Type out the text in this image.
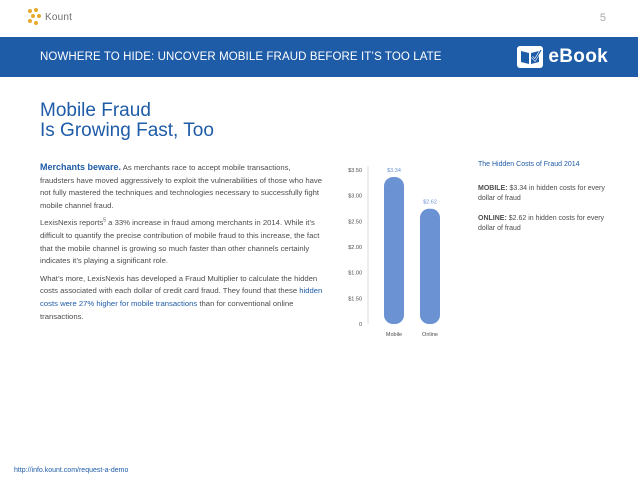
Kount	5
NOWHERE TO HIDE: UNCOVER MOBILE FRAUD BEFORE IT’S TOO LATE	eBook
Mobile Fraud
Is Growing Fast, Too

Merchants beware. As merchants race to accept mobile transactions, fraudsters have moved aggressively to exploit the vulnerabilities of those who have not fully mastered the techniques and technologies necessary to successfully fight mobile channel fraud.

LexisNexis reports$^5$ a 33% increase in fraud among merchants in 2014. While it’s difficult to quantify the precise contribution of mobile fraud to this increase, the fact that the mobile channel is growing so much faster than other channels certainly indicates it’s playing a significant role.

What’s more, LexisNexis has developed a Fraud Multiplier to calculate the hidden costs associated with each dollar of credit card fraud. They found that these hidden costs were 27% higher for mobile transactions than for conventional online transactions.

0
$1.50
$1.00
$2.00
$2.50
$3.00
$3.50	$3.34
Mobile
$2.62
Online
The Hidden Costs of Fraud 2014
MOBILE: $3.34 in hidden costs for every dollar of fraud
ONLINE: $2.62 in hidden costs for every dollar of fraud
http://info.kount.com/request-a-demo
